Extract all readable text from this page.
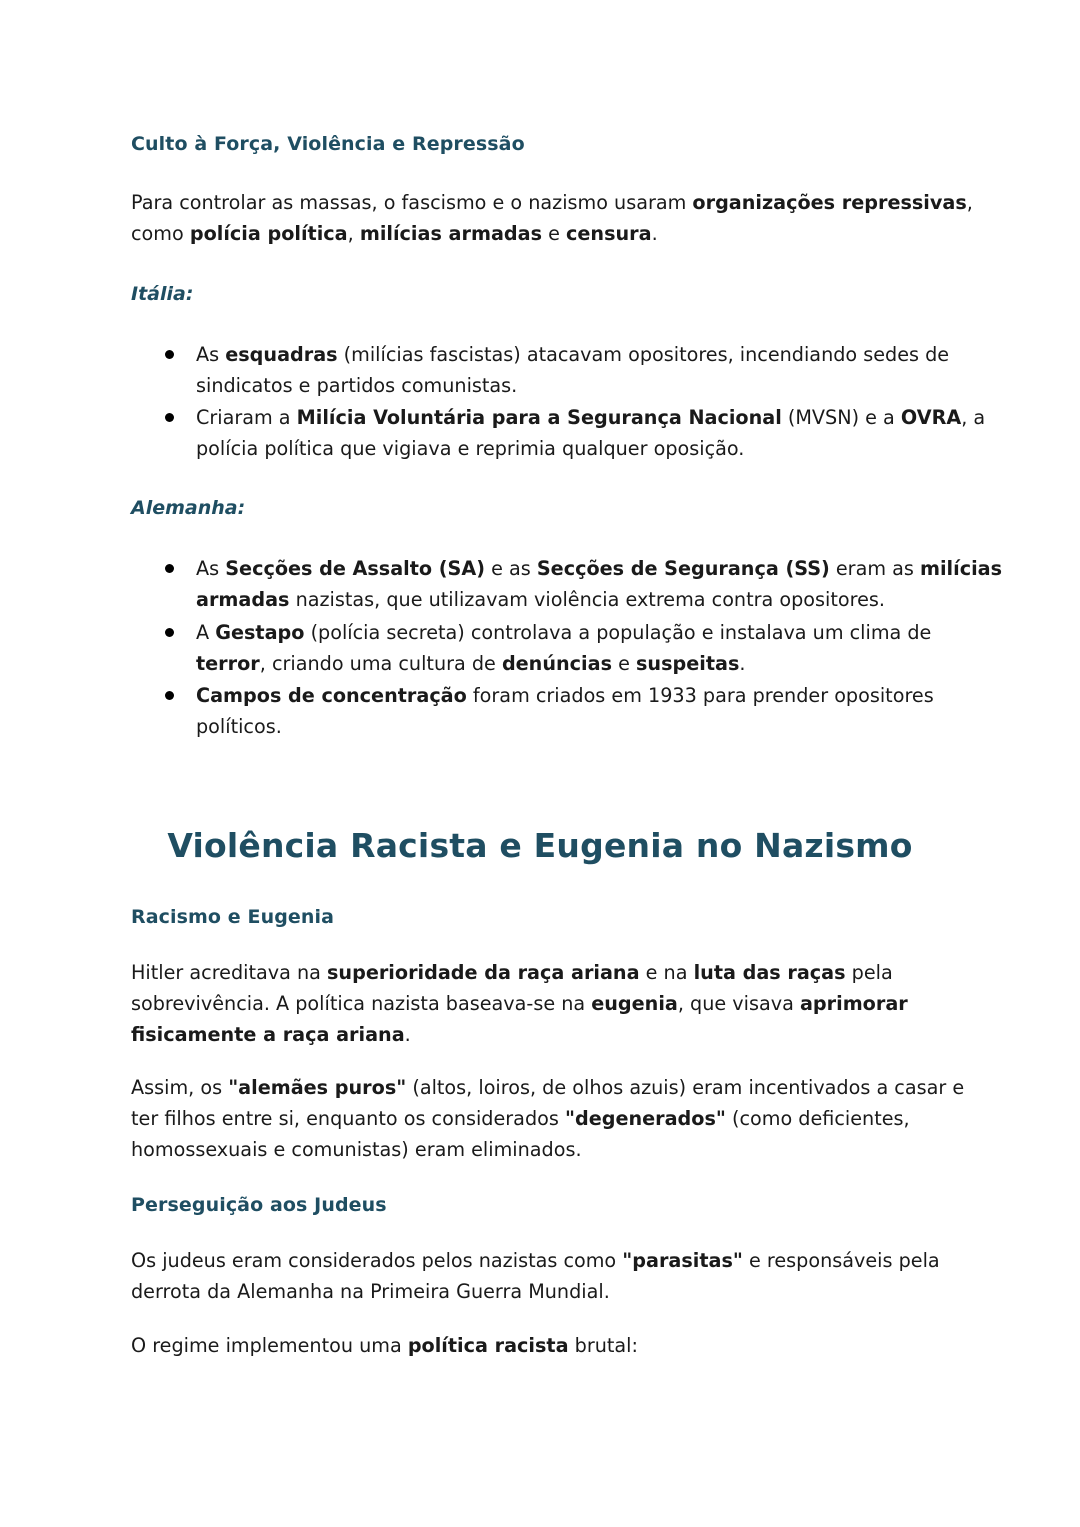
Culto à Força, Violência e Repressão
Para controlar as massas, o fascismo e o nazismo usaram organizações repressivas,
como polícia política, milícias armadas e censura.
Itália:
As esquadras (milícias fascistas) atacavam opositores, incendiando sedes de
sindicatos e partidos comunistas.
Criaram a Milícia Voluntária para a Segurança Nacional (MVSN) e a OVRA, a
polícia política que vigiava e reprimia qualquer oposição.
Alemanha:
As Secções de Assalto (SA) e as Secções de Segurança (SS) eram as milícias
armadas nazistas, que utilizavam violência extrema contra opositores.
A Gestapo (polícia secreta) controlava a população e instalava um clima de
terror, criando uma cultura de denúncias e suspeitas.
Campos de concentração foram criados em 1933 para prender opositores
políticos.
Violência Racista e Eugenia no Nazismo
Racismo e Eugenia
Hitler acreditava na superioridade da raça ariana e na luta das raças pela
sobrevivência. A política nazista baseava-se na eugenia, que visava aprimorar
fisicamente a raça ariana.
Assim, os "alemães puros" (altos, loiros, de olhos azuis) eram incentivados a casar e
ter filhos entre si, enquanto os considerados "degenerados" (como deficientes,
homossexuais e comunistas) eram eliminados.
Perseguição aos Judeus
Os judeus eram considerados pelos nazistas como "parasitas" e responsáveis pela
derrota da Alemanha na Primeira Guerra Mundial.
O regime implementou uma política racista brutal:
